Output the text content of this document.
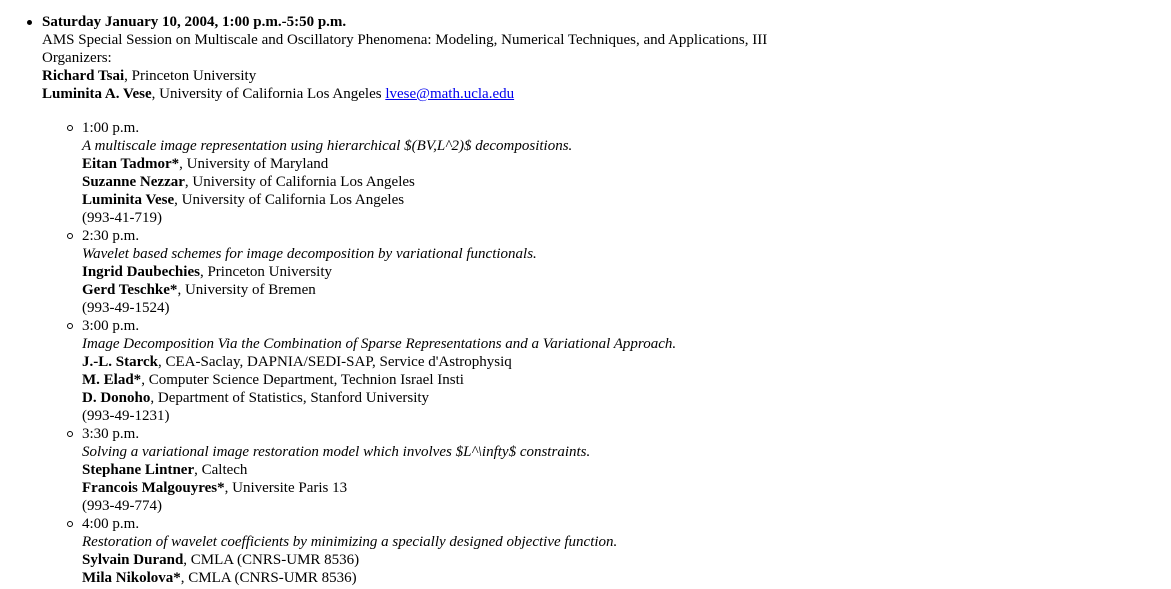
Saturday January 10, 2004, 1:00 p.m.-5:50 p.m.
AMS Special Session on Multiscale and Oscillatory Phenomena: Modeling, Numerical Techniques, and Applications, III
Organizers:
Richard Tsai, Princeton University
Luminita A. Vese, University of California Los Angeles lvese@math.ucla.edu
1:00 p.m.
A multiscale image representation using hierarchical $(BV,L^2)$ decompositions.
Eitan Tadmor*, University of Maryland
Suzanne Nezzar, University of California Los Angeles
Luminita Vese, University of California Los Angeles
(993-41-719)
2:30 p.m.
Wavelet based schemes for image decomposition by variational functionals.
Ingrid Daubechies, Princeton University
Gerd Teschke*, University of Bremen
(993-49-1524)
3:00 p.m.
Image Decomposition Via the Combination of Sparse Representations and a Variational Approach.
J.-L. Starck, CEA-Saclay, DAPNIA/SEDI-SAP, Service d'Astrophysiq
M. Elad*, Computer Science Department, Technion Israel Insti
D. Donoho, Department of Statistics, Stanford University
(993-49-1231)
3:30 p.m.
Solving a variational image restoration model which involves $L^\infty$ constraints.
Stephane Lintner, Caltech
Francois Malgouyres*, Universite Paris 13
(993-49-774)
4:00 p.m.
Restoration of wavelet coefficients by minimizing a specially designed objective function.
Sylvain Durand, CMLA (CNRS-UMR 8536)
Mila Nikolova*, CMLA (CNRS-UMR 8536)
